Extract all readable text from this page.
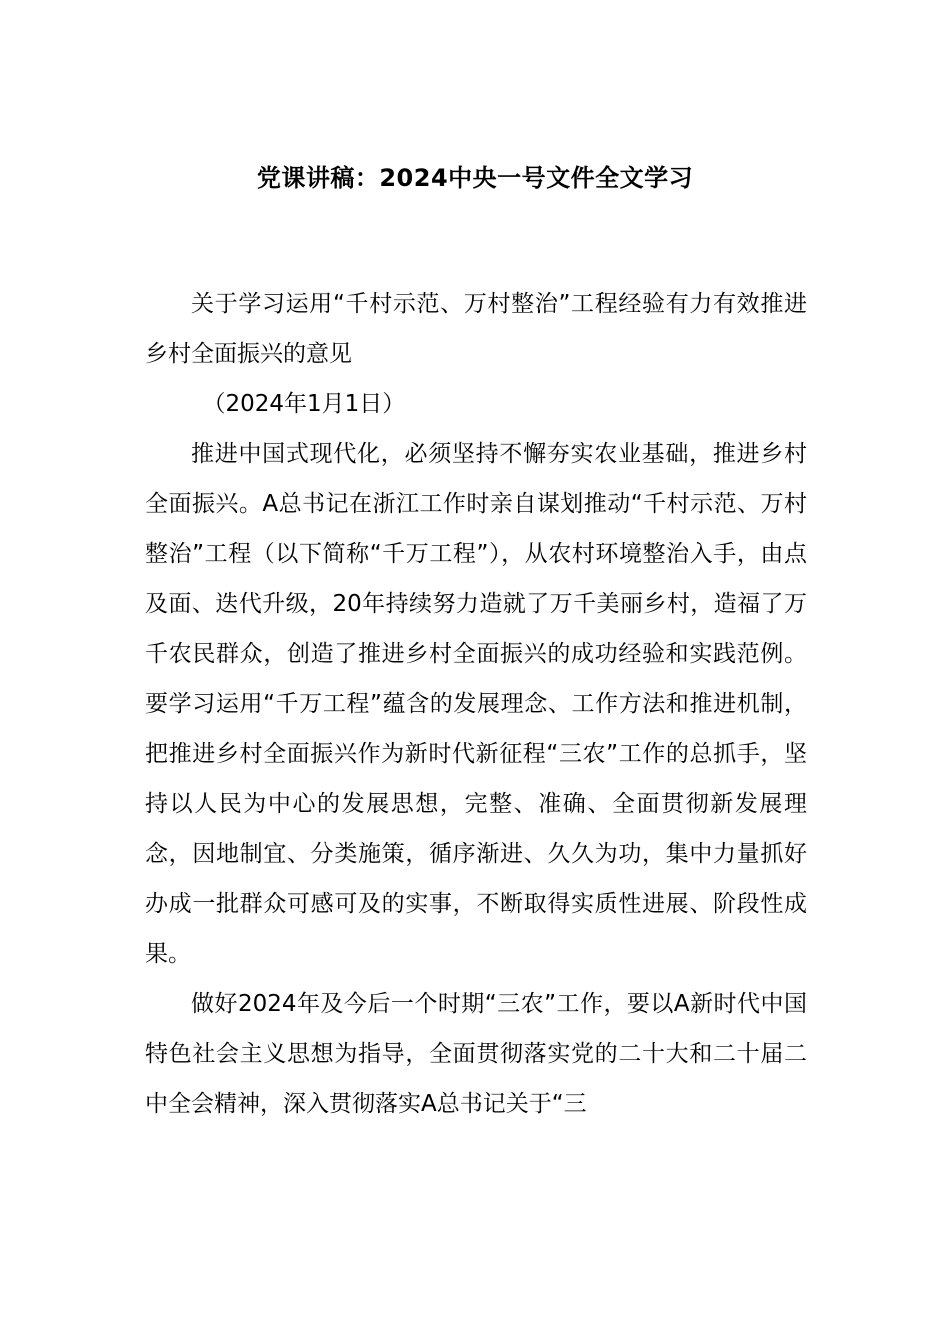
党课讲稿：2024中央一号文件全文学习

关于学习运用“千村示范、万村整治”工程经验有力有效推进乡村全面振兴的意见

（2024年1月1日）

推进中国式现代化，必须坚持不懈夯实农业基础，推进乡村全面振兴。A总书记在浙江工作时亲自谋划推动“千村示范、万村整治”工程（以下简称“千万工程”），从农村环境整治入手，由点及面、迭代升级，20年持续努力造就了万千美丽乡村，造福了万千农民群众，创造了推进乡村全面振兴的成功经验和实践范例。要学习运用“千万工程”蕴含的发展理念、工作方法和推进机制，把推进乡村全面振兴作为新时代新征程“三农”工作的总抓手，坚持以人民为中心的发展思想，完整、准确、全面贯彻新发展理念，因地制宜、分类施策，循序渐进、久久为功，集中力量抓好办成一批群众可感可及的实事，不断取得实质性进展、阶段性成果。

做好2024年及今后一个时期“三农”工作，要以A新时代中国特色社会主义思想为指导，全面贯彻落实党的二十大和二十届二中全会精神，深入贯彻落实A总书记关于“三
